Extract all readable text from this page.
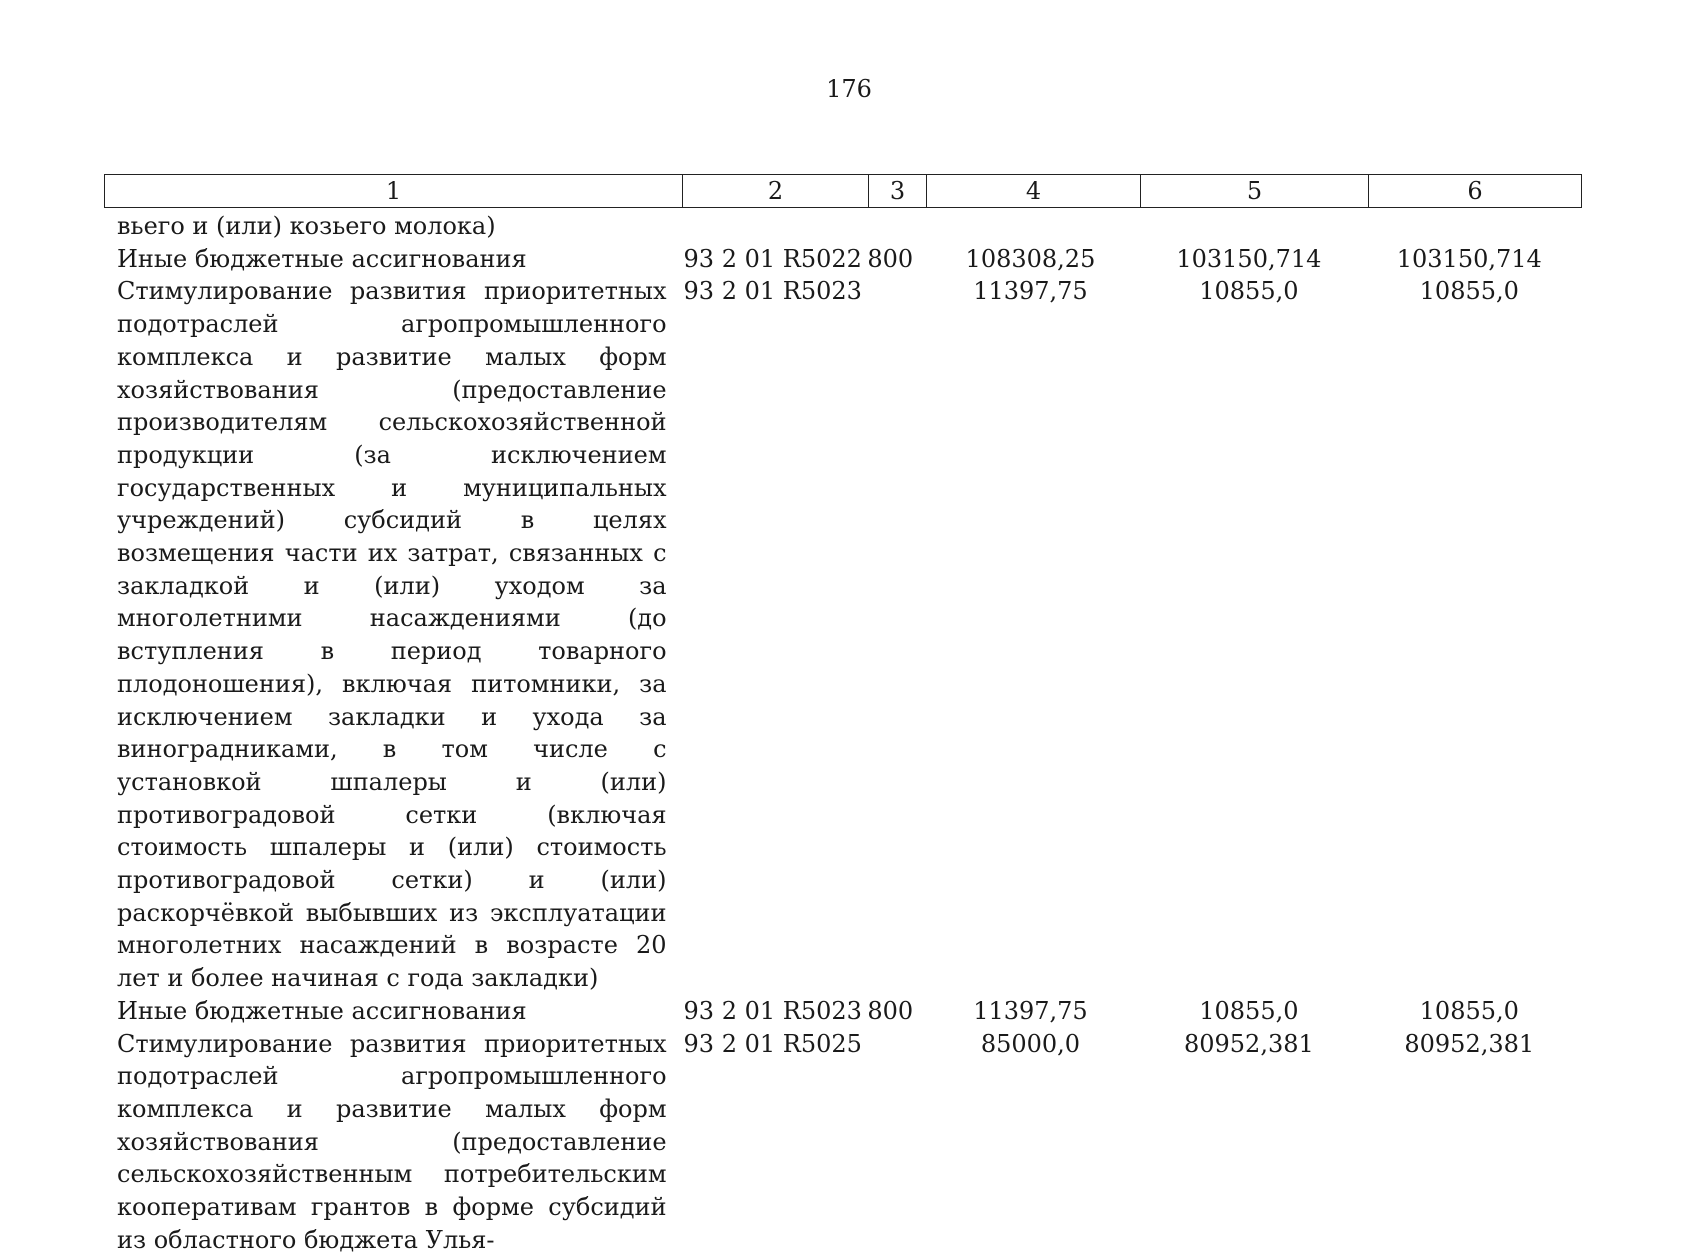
176
1	2	3	4	5	6
вьего и (или) козьего молока)
Иные бюджетные ассигнования	93 2 01 R5022 800	108308,25	103150,714	103150,714
Стимулирование развития приоритетных подотраслей агропромышленного комплекса и развитие малых форм хозяйствования (предоставление производителям сельскохозяйственной продукции (за исключением государственных и муниципальных учреждений) субсидий в целях возмещения части их затрат, связанных с закладкой и (или) уходом за многолетними насаждениями (до вступления в период товарного плодоношения), включая питомники, за исключением закладки и ухода за виноградниками, в том числе с установкой шпалеры и (или) противоградовой сетки (включая стоимость шпалеры и (или) стоимость противоградовой сетки) и (или) раскорчёвкой выбывших из эксплуатации многолетних насаждений в возрасте 20 лет и более начиная с года закладки)
93 2 01 R5023	11397,75	10855,0	10855,0
Иные бюджетные ассигнования	93 2 01 R5023 800	11397,75	10855,0	10855,0
Стимулирование развития приоритетных подотраслей агропромышленного комплекса и развитие малых форм хозяйствования (предоставление сельскохозяйственным потребительским кооперативам грантов в форме субсидий из областного бюджета Улья-
93 2 01 R5025	85000,0	80952,381	80952,381
